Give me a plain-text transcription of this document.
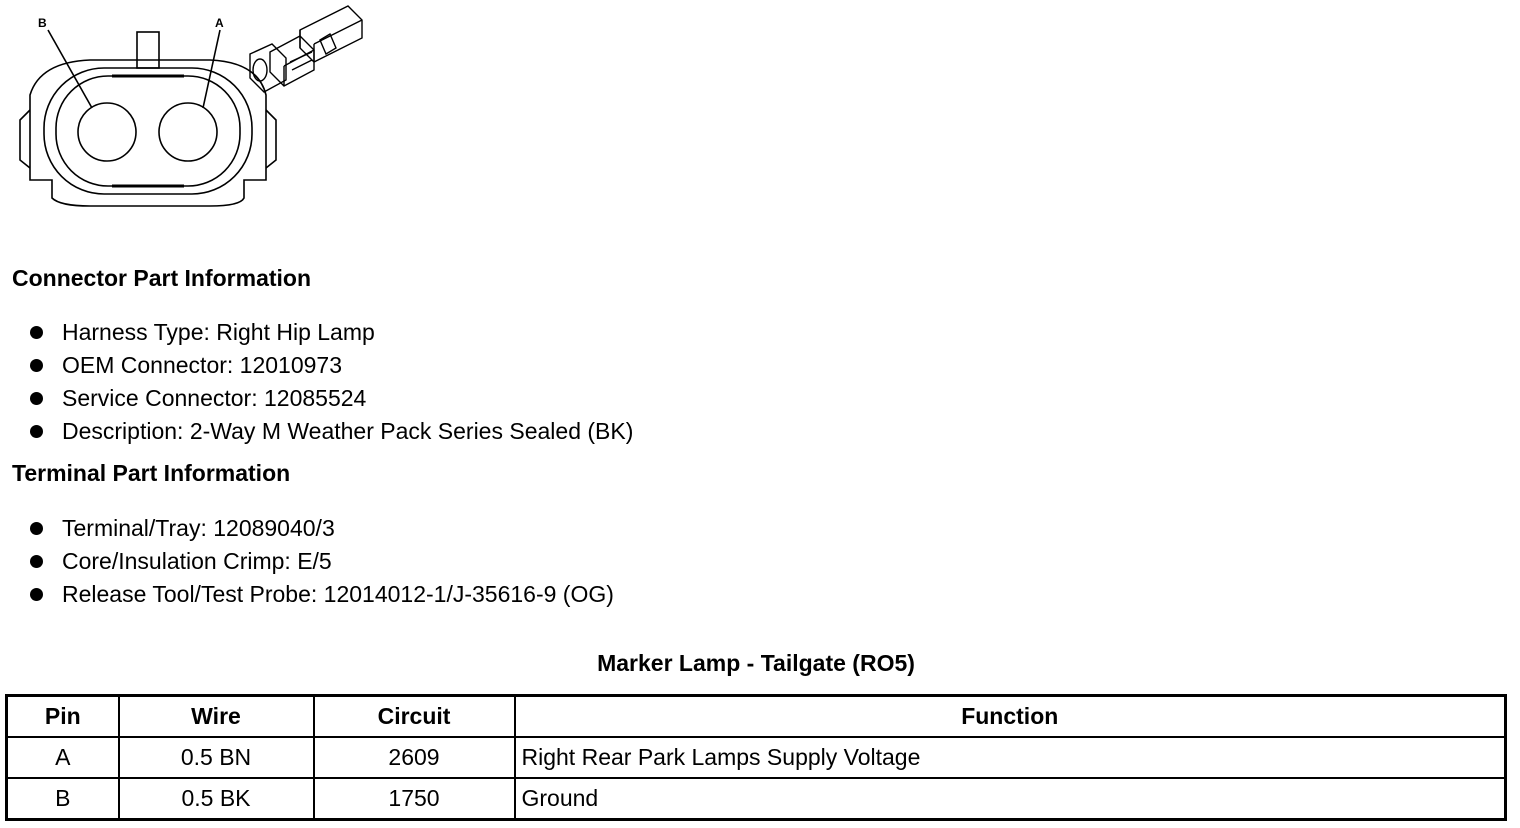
B	A
Connector Part Information
Harness Type: Right Hip Lamp
OEM Connector: 12010973
Service Connector: 12085524
Description: 2-Way M Weather Pack Series Sealed (BK)
Terminal Part Information
Terminal/Tray: 12089040/3
Core/Insulation Crimp: E/5
Release Tool/Test Probe: 12014012-1/J-35616-9 (OG)
Marker Lamp - Tailgate (RO5)
Pin	Wire	Circuit	Function
A	0.5 BN	2609	Right Rear Park Lamps Supply Voltage
B	0.5 BK	1750	Ground
